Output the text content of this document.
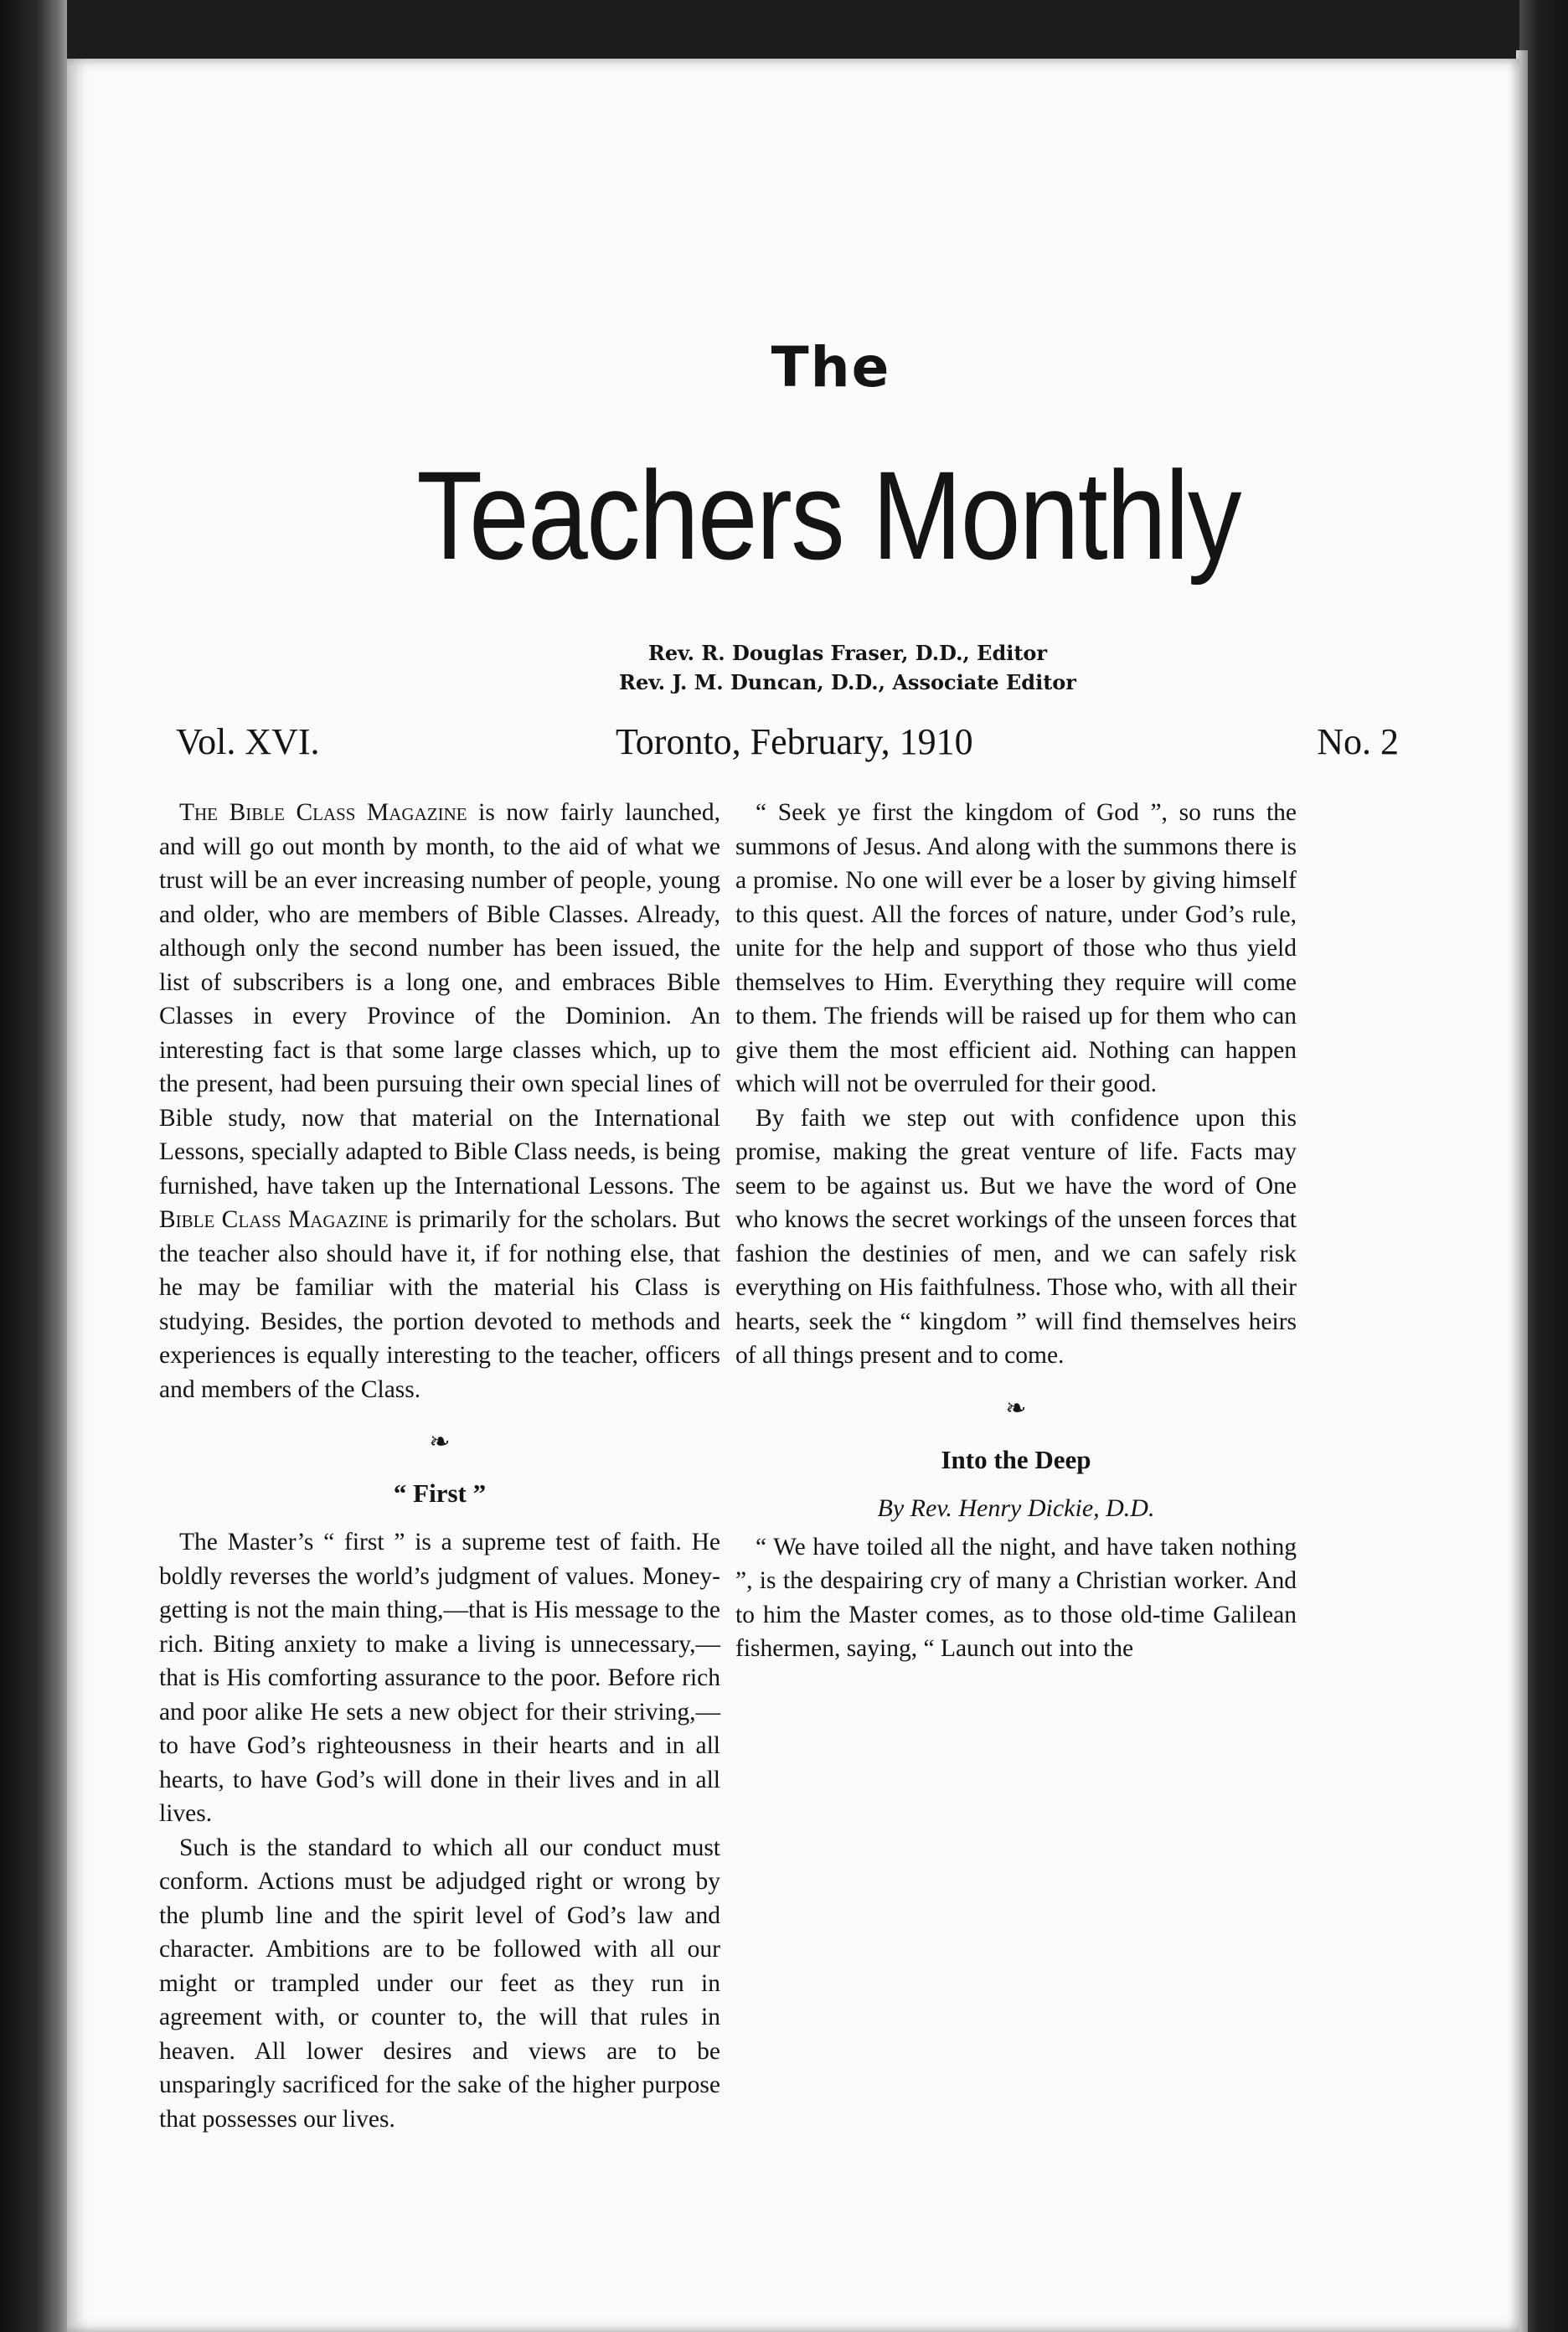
The
Teachers Monthly
Rev. R. Douglas Fraser, D.D., Editor
Rev. J. M. Duncan, D.D., Associate Editor
Vol. XVI.	Toronto, February, 1910	No. 2

The Bible Class Magazine is now fairly launched, and will go out month by month, to the aid of what we trust will be an ever increasing number of people, young and older, who are members of Bible Classes. Already, although only the second number has been issued, the list of subscribers is a long one, and embraces Bible Classes in every Province of the Dominion. An interesting fact is that some large classes which, up to the present, had been pursuing their own special lines of Bible study, now that material on the International Lessons, specially adapted to Bible Class needs, is being furnished, have taken up the International Lessons. The Bible Class Magazine is primarily for the scholars. But the teacher also should have it, if for nothing else, that he may be familiar with the material his Class is studying. Besides, the portion devoted to methods and experiences is equally interesting to the teacher, officers and members of the Class.

❧
“ First ”

The Master’s “ first ” is a supreme test of faith. He boldly reverses the world’s judgment of values. Money-getting is not the main thing,—that is His message to the rich. Biting anxiety to make a living is unnecessary,—that is His comforting assurance to the poor. Before rich and poor alike He sets a new object for their striving,—to have God’s righteousness in their hearts and in all hearts, to have God’s will done in their lives and in all lives.

Such is the standard to which all our conduct must conform. Actions must be adjudged right or wrong by the plumb line and the spirit level of God’s law and character. Ambitions are to be followed with all our might or trampled under our feet as they run in agreement with, or counter to, the will that rules in heaven. All lower desires and views are to be unsparingly sacrificed for the sake of the higher purpose that possesses our lives.

“ Seek ye first the kingdom of God ”, so runs the summons of Jesus. And along with the summons there is a promise. No one will ever be a loser by giving himself to this quest. All the forces of nature, under God’s rule, unite for the help and support of those who thus yield themselves to Him. Everything they require will come to them. The friends will be raised up for them who can give them the most efficient aid. Nothing can happen which will not be overruled for their good.

By faith we step out with confidence upon this promise, making the great venture of life. Facts may seem to be against us. But we have the word of One who knows the secret workings of the unseen forces that fashion the destinies of men, and we can safely risk everything on His faithfulness. Those who, with all their hearts, seek the “ kingdom ” will find themselves heirs of all things present and to come.

❧
Into the Deep
By Rev. Henry Dickie, D.D.

“ We have toiled all the night, and have taken nothing ”, is the despairing cry of many a Christian worker. And to him the Master comes, as to those old-time Galilean fishermen, saying, “ Launch out into the
